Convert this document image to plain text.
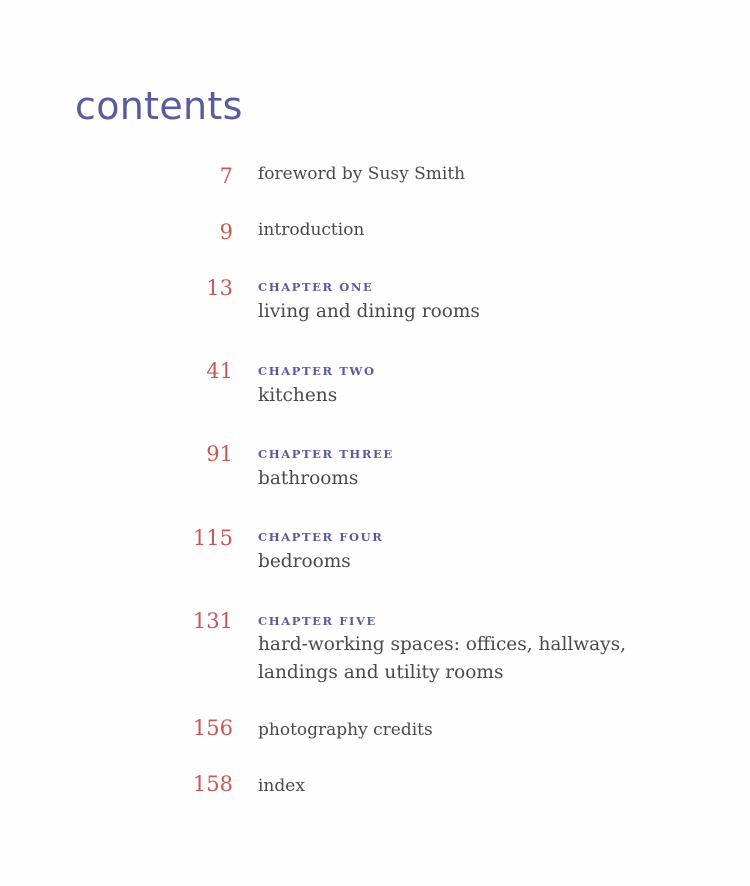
contents
7 foreword by Susy Smith
9 introduction
13 CHAPTER ONE
living and dining rooms
41 CHAPTER TWO
kitchens
91 CHAPTER THREE
bathrooms
115 CHAPTER FOUR
bedrooms
131 CHAPTER FIVE
hard-working spaces: offices, hallways,
landings and utility rooms
156 photography credits
158 index
